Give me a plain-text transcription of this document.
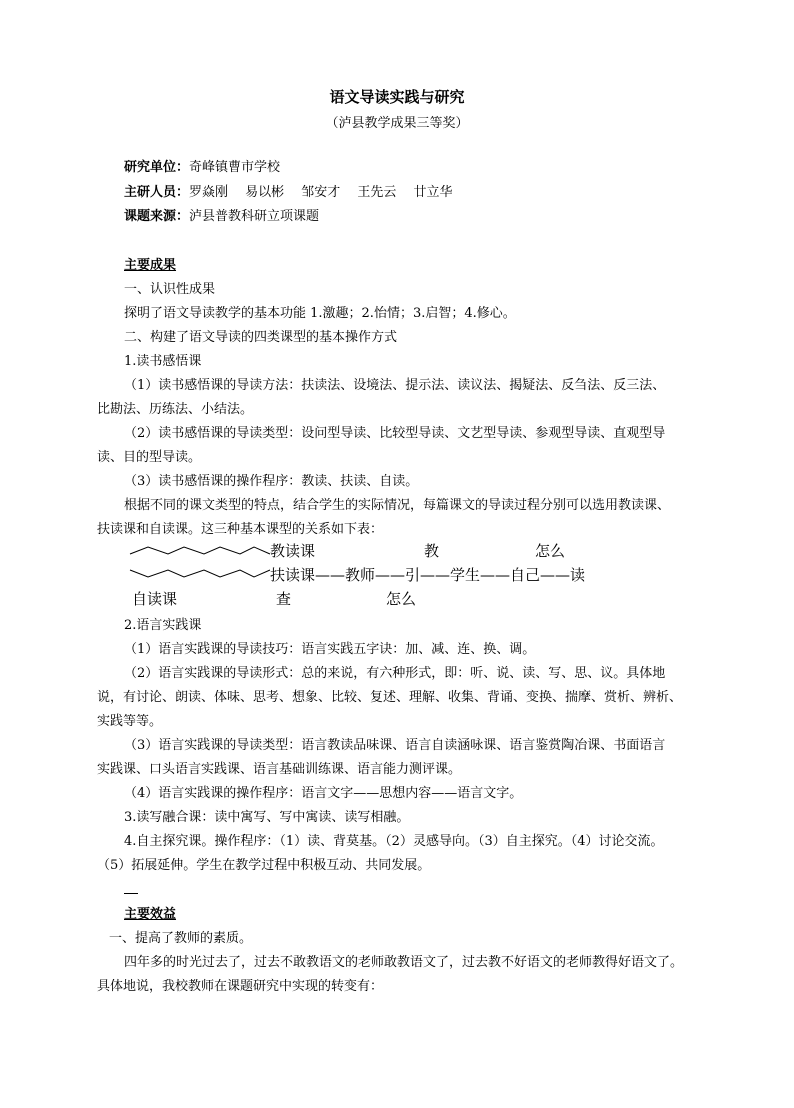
语文导读实践与研究
（泸县教学成果三等奖）
研究单位：奇峰镇曹市学校
主研人员：罗焱刚　 易以彬　 邹安才　 王先云　 廿立华
课题来源：泸县普教科研立项课题
主要成果
一、认识性成果
探明了语文导读教学的基本功能 1.激趣；2.怡情；3.启智；4.修心。
二、构建了语文导读的四类课型的基本操作方式
1.读书感悟课
（1）读书感悟课的导读方法：扶读法、设境法、提示法、读议法、揭疑法、反刍法、反三法、
比勘法、历练法、小结法。
（2）读书感悟课的导读类型：设问型导读、比较型导读、文艺型导读、参观型导读、直观型导
读、目的型导读。
（3）读书感悟课的操作程序：教读、扶读、自读。
根据不同的课文类型的特点，结合学生的实际情况，每篇课文的导读过程分别可以选用教读课、
扶读课和自读课。这三种基本课型的关系如下表：
教读课	教	怎么
扶读课——教师——引——学生——自己——读
自读课	查	怎么
2.语言实践课
（1）语言实践课的导读技巧：语言实践五字诀：加、减、连、换、调。
（2）语言实践课的导读形式：总的来说，有六种形式，即：听、说、读、写、思、议。具体地
说，有讨论、朗读、体味、思考、想象、比较、复述、理解、收集、背诵、变换、揣摩、赏析、辨析、
实践等等。
（3）语言实践课的导读类型：语言教读品味课、语言自读涵咏课、语言鉴赏陶冶课、书面语言
实践课、口头语言实践课、语言基础训练课、语言能力测评课。
（4）语言实践课的操作程序：语言文字——思想内容——语言文字。
3.读写融合课：读中寓写、写中寓读、读写相融。
4.自主探究课。操作程序：（1）读、背莫基。（2）灵感导向。（3）自主探究。（4）讨论交流。
（5）拓展延伸。学生在教学过程中积极互动、共同发展。
主要效益
一、提高了教师的素质。
四年多的时光过去了，过去不敢教语文的老师敢教语文了，过去教不好语文的老师教得好语文了。
具体地说，我校教师在课题研究中实现的转变有：
